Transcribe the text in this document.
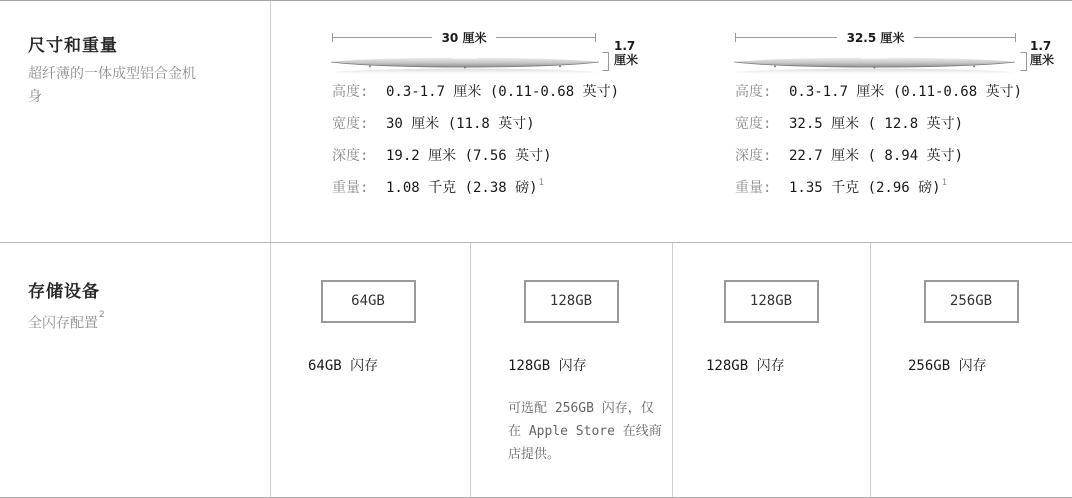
尺寸和重量
超纤薄的一体成型铝合金机身
30 厘米
1.7
厘米
高度:	0.3-1.7 厘米 (0.11-0.68 英寸)
宽度:	30 厘米 (11.8 英寸)
深度:	19.2 厘米 (7.56 英寸)
重量:	1.08 千克 (2.38 磅) 1
32.5 厘米
1.7
厘米
高度:	0.3-1.7 厘米 (0.11-0.68 英寸)
宽度:	32.5 厘米 ( 12.8 英寸)
深度:	22.7 厘米 ( 8.94 英寸)
重量:	1.35 千克 (2.96 磅) 1
存储设备
全闪存配置$^2$
64GB
64GB 闪存
128GB
128GB 闪存
可选配 256GB 闪存，仅在 Apple Store 在线商店提供。
128GB
128GB 闪存
256GB
256GB 闪存
